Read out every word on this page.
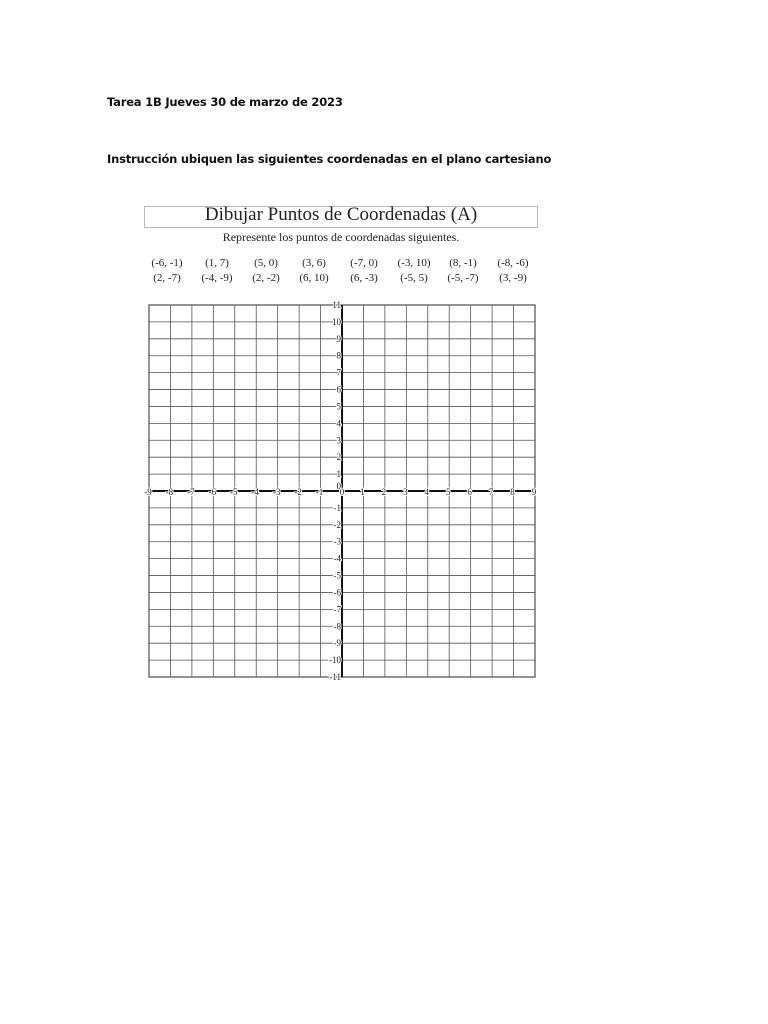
Tarea 1B Jueves 30 de marzo de 2023
Instrucción ubiquen las siguientes coordenadas en el plano cartesiano
Dibujar Puntos de Coordenadas (A)
Represente los puntos de coordenadas siguientes.
(-6, -1)	(1, 7)	(5, 0)	(3, 6)	(-7, 0)	(-3, 10)	(8, -1)	(-8, -6)
(2, -7)	(-4, -9)	(2, -2)	(6, 10)	(6, -3)	(-5, 5)	(-5, -7)	(3, -9)
-9 -8 -7 -6 -5 -4 -3 -2 -1 0 1 2 3 4 5 6 7 8 9
-11
-10
-9
-8
-7
-6
-5
-4
-3
-2
-1
1
2
3
4
5
6
7
8
9
10
11
0
